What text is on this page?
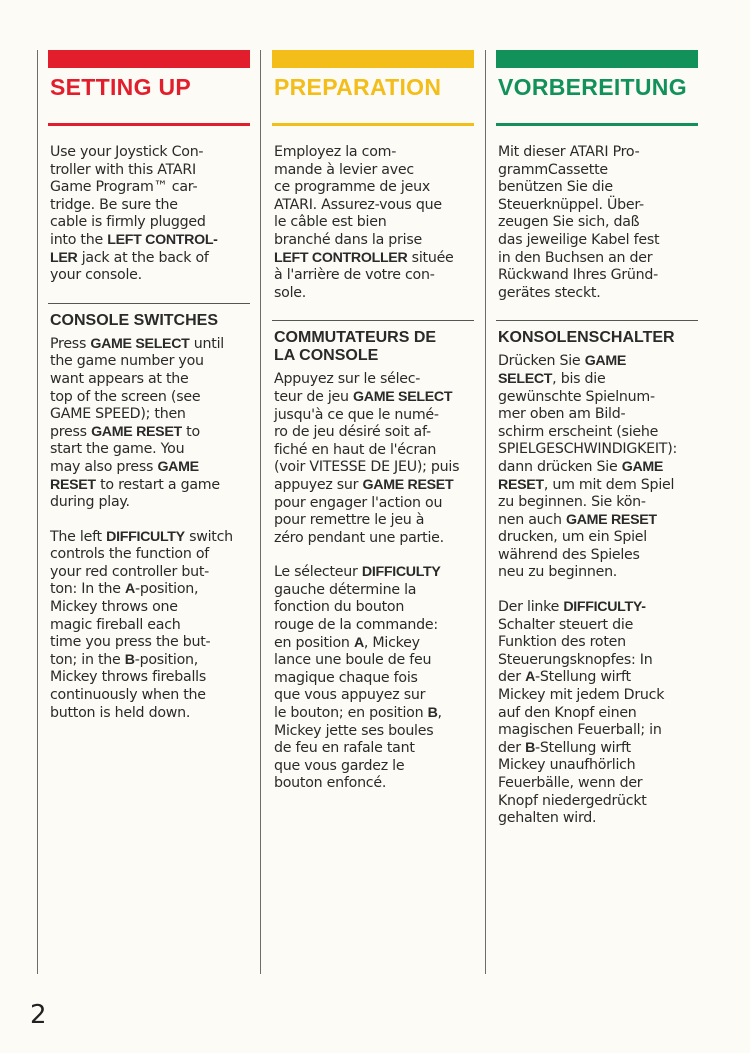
SETTING UP
Use your Joystick Con-
troller with this ATARI
Game Program™ car-
tridge. Be sure the
cable is firmly plugged
into the LEFT CONTROL-
LER jack at the back of
your console.
CONSOLE SWITCHES
Press GAME SELECT until
the game number you
want appears at the
top of the screen (see
GAME SPEED); then
press GAME RESET to
start the game. You
may also press GAME
RESET to restart a game
during play.
The left DIFFICULTY switch
controls the function of
your red controller but-
ton: In the A-position,
Mickey throws one
magic fireball each
time you press the but-
ton; in the B-position,
Mickey throws fireballs
continuously when the
button is held down.
PREPARATION
Employez la com-
mande à levier avec
ce programme de jeux
ATARI. Assurez-vous que
le câble est bien
branché dans la prise
LEFT CONTROLLER située
à l'arrière de votre con-
sole.
COMMUTATEURS DE
LA CONSOLE
Appuyez sur le sélec-
teur de jeu GAME SELECT
jusqu'à ce que le numé-
ro de jeu désiré soit af-
fiché en haut de l'écran
(voir VITESSE DE JEU); puis
appuyez sur GAME RESET
pour engager l'action ou
pour remettre le jeu à
zéro pendant une partie.
Le sélecteur DIFFICULTY
gauche détermine la
fonction du bouton
rouge de la commande:
en position A, Mickey
lance une boule de feu
magique chaque fois
que vous appuyez sur
le bouton; en position B,
Mickey jette ses boules
de feu en rafale tant
que vous gardez le
bouton enfoncé.
VORBEREITUNG
Mit dieser ATARI Pro-
grammCassette
benützen Sie die
Steuerknüppel. Über-
zeugen Sie sich, daß
das jeweilige Kabel fest
in den Buchsen an der
Rückwand Ihres Gründ-
gerätes steckt.
KONSOLENSCHALTER
Drücken Sie GAME
SELECT, bis die
gewünschte Spielnum-
mer oben am Bild-
schirm erscheint (siehe
SPIELGESCHWINDIGKEIT):
dann drücken Sie GAME
RESET, um mit dem Spiel
zu beginnen. Sie kön-
nen auch GAME RESET
drucken, um ein Spiel
während des Spieles
neu zu beginnen.
Der linke DIFFICULTY-
Schalter steuert die
Funktion des roten
Steuerungsknopfes: In
der A-Stellung wirft
Mickey mit jedem Druck
auf den Knopf einen
magischen Feuerball; in
der B-Stellung wirft
Mickey unaufhörlich
Feuerbälle, wenn der
Knopf niedergedrückt
gehalten wird.
2
